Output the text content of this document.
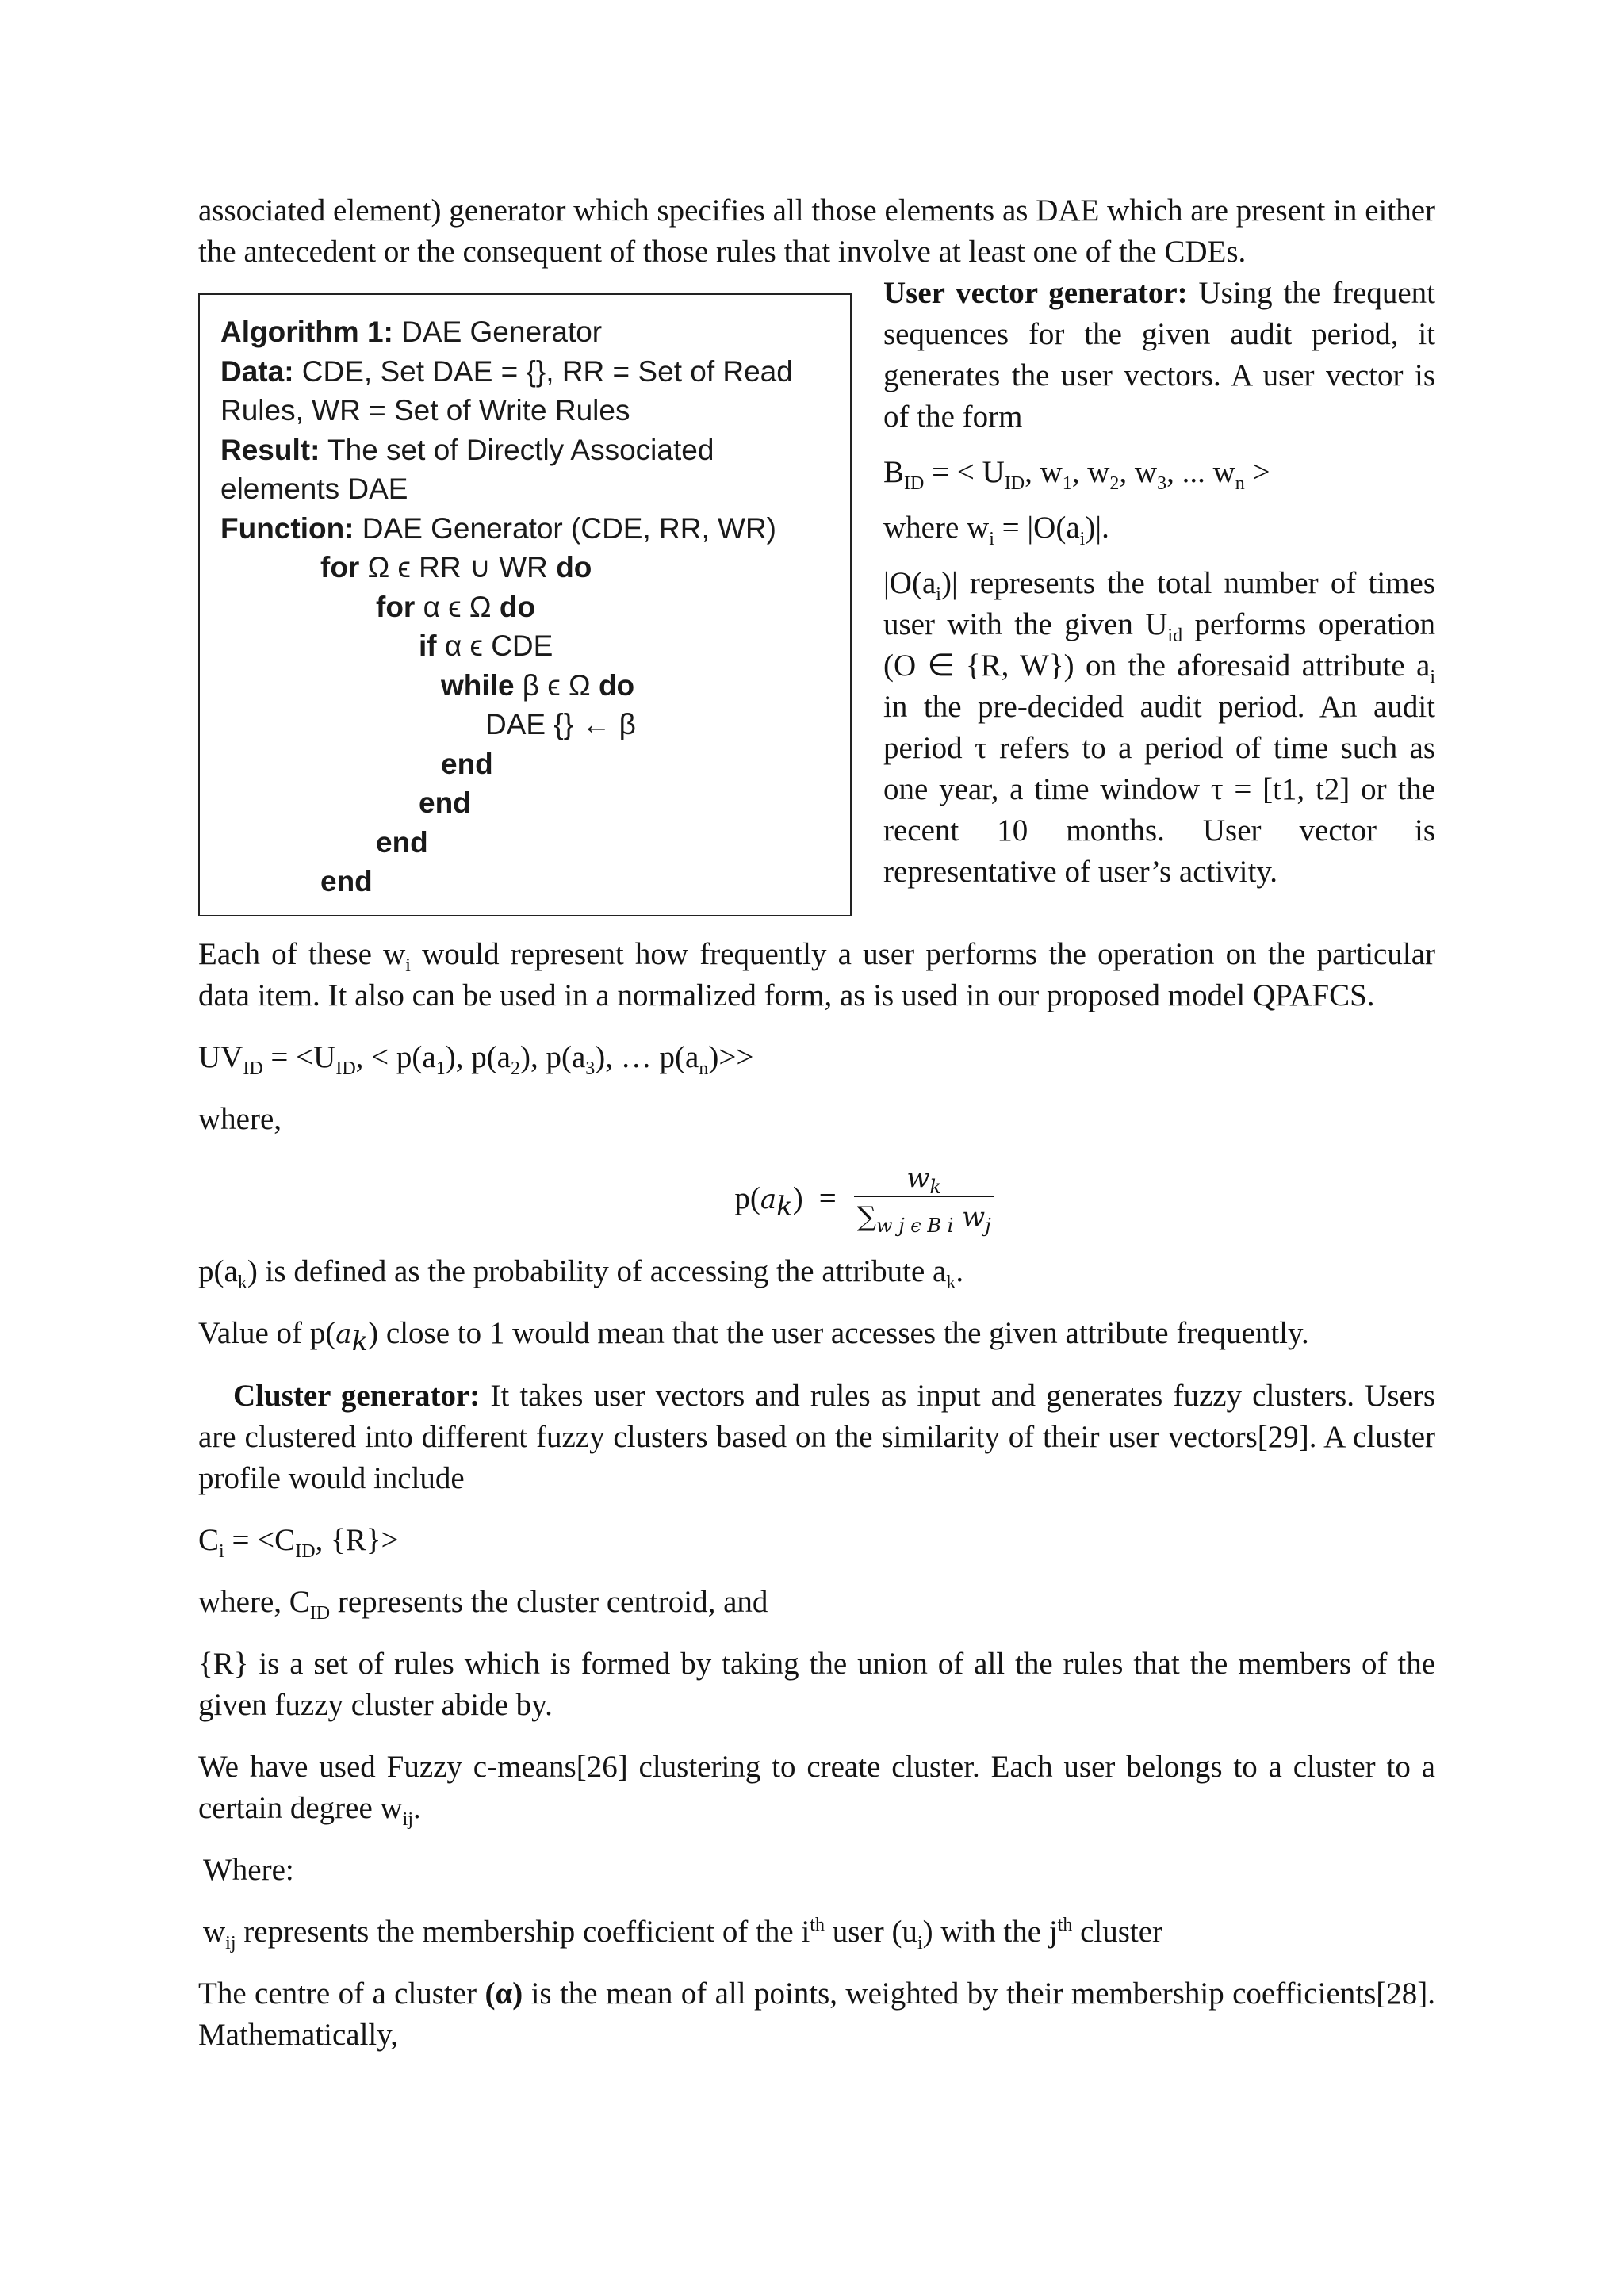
associated element) generator which specifies all those elements as DAE which are present in either the antecedent or the consequent of those rules that involve at least one of the CDEs.

Algorithm 1: DAE Generator
Data: CDE, Set DAE = {}, RR = Set of Read
Rules, WR = Set of Write Rules
Result: The set of Directly Associated
elements DAE
Function: DAE Generator (CDE, RR, WR)
for Ω ϵ RR ∪ WR do
for α ϵ Ω do
if α ϵ CDE
while β ϵ Ω do
DAE {} ← β
end
end
end
end

User vector generator: Using the frequent sequences for the given audit period, it generates the user vectors. A user vector is of the form

$B_{ID}$ = < $U_{ID}$, $w_1$, $w_2$, $w_3$, ... $w_n$ >

where $w_i = |O(a_i)|$.

$|O(a_i)|$ represents the total number of times user with the given $U_{id}$ performs operation (O ∈ {R, W}) on the aforesaid attribute $a_i$ in the pre-decided audit period. An audit period τ refers to a period of time such as one year, a time window τ = [t1, t2] or the recent 10 months. User vector is representative of user’s activity.

Each of these $w_i$ would represent how frequently a user performs the operation on the particular data item. It also can be used in a normalized form, as is used in our proposed model QPAFCS.

$UV_{ID} = <U_{ID}$, < $p(a_1)$, $p(a_2)$, $p(a_3)$, … $p(a_n)>>$

where,

$p(a_k) = \frac{w_k}{\sum_{w j \epsilon B i} w_j}$

$p(a_k)$ is defined as the probability of accessing the attribute $a_k$.

Value of $p(a_k)$ close to 1 would mean that the user accesses the given attribute frequently.

Cluster generator: It takes user vectors and rules as input and generates fuzzy clusters. Users are clustered into different fuzzy clusters based on the similarity of their user vectors[29]. A cluster profile would include

$C_i = <C_{ID}$, {R}>

where, $C_{ID}$ represents the cluster centroid, and

{R} is a set of rules which is formed by taking the union of all the rules that the members of the given fuzzy cluster abide by.

We have used Fuzzy c-means[26] clustering to create cluster. Each user belongs to a cluster to a certain degree $w_{ij}$.

Where:

$w_{ij}$ represents the membership coefficient of the $i^{th}$ user $(u_i)$ with the $j^{th}$ cluster

The centre of a cluster (α) is the mean of all points, weighted by their membership coefficients[28]. Mathematically,
